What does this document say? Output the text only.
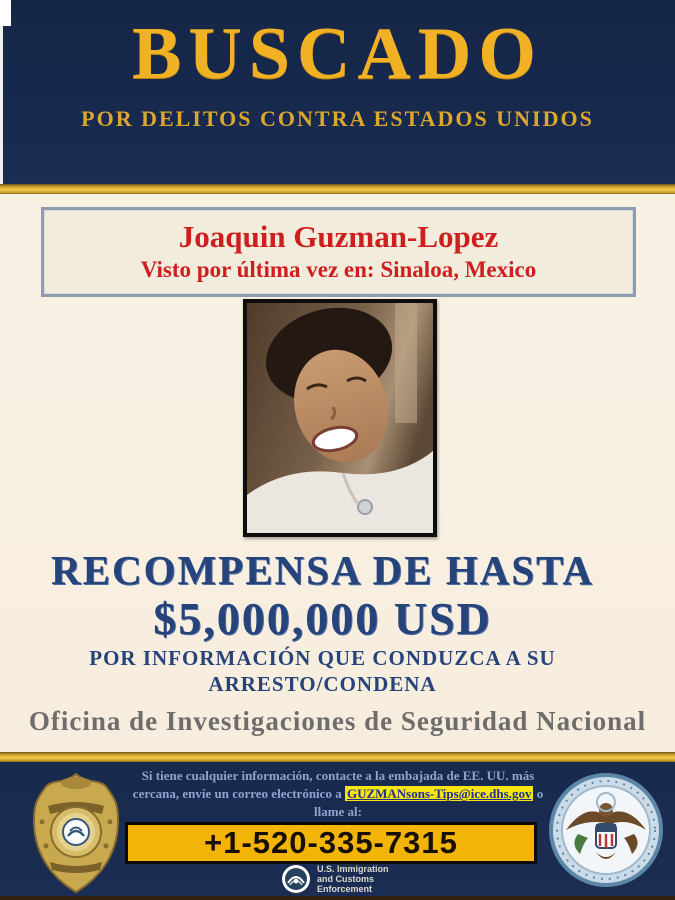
BUSCADO
POR DELITOS CONTRA ESTADOS UNIDOS
Joaquin Guzman-Lopez
Visto por última vez en: Sinaloa, Mexico
RECOMPENSA DE HASTA
$5,000,000 USD
POR INFORMACIÓN QUE CONDUZCA A SU
ARRESTO/CONDENA
Oficina de Investigaciones de Seguridad Nacional
Si tiene cualquier información, contacte a la embajada de EE. UU. más
cercana, envíe un correo electrónico a GUZMANsons-Tips@ice.dhs.gov o
llame al:
+1-520-335-7315
U.S. Immigration
and Customs
Enforcement
